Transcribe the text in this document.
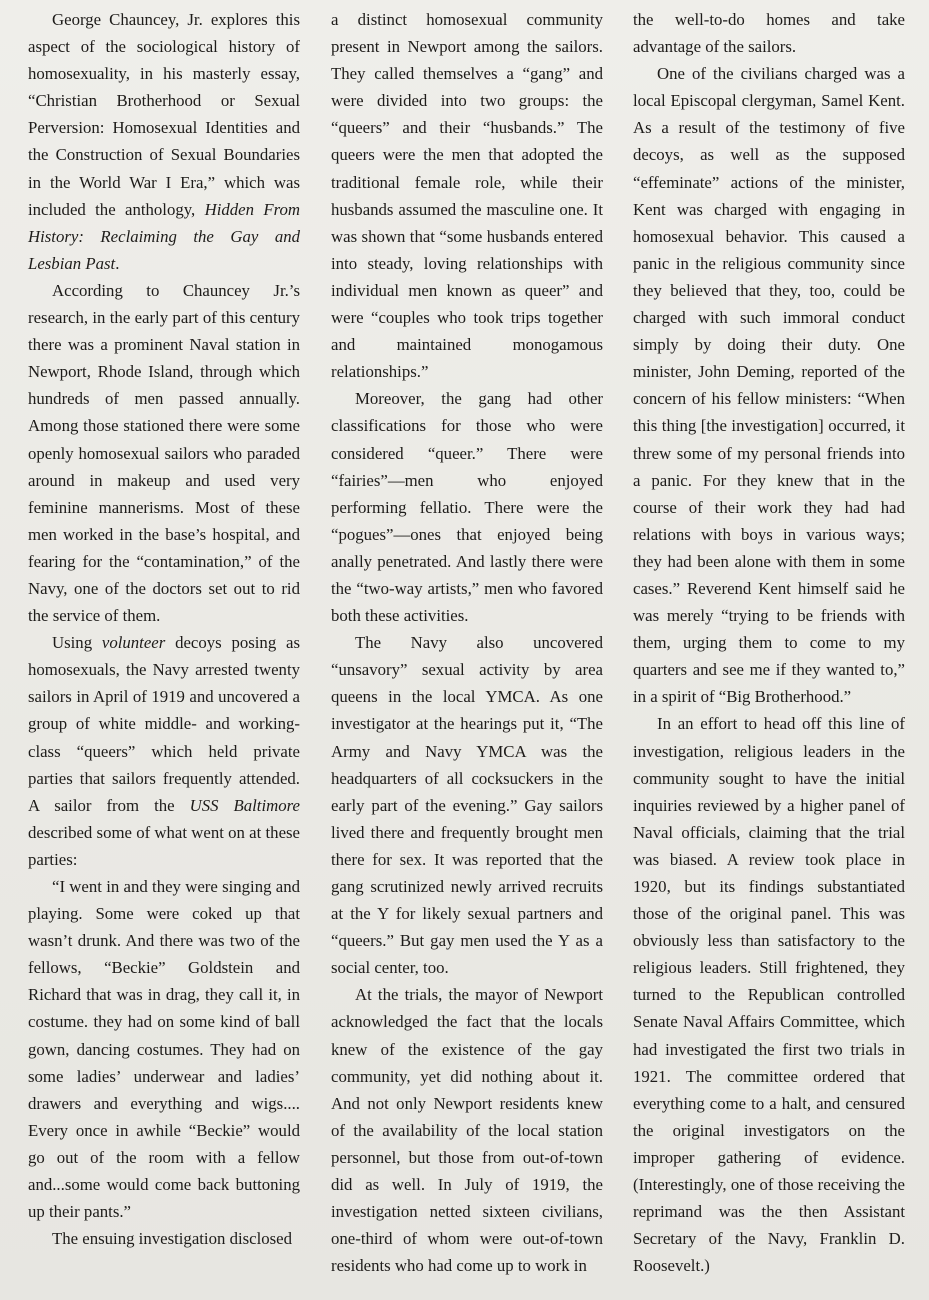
George Chauncey, Jr. explores this aspect of the sociological history of homosexuality, in his masterly essay, “Christian Brotherhood or Sexual Perversion: Homosexual Identities and the Construction of Sexual Boundaries in the World War I Era,” which was included the anthology, Hidden From History: Reclaiming the Gay and Lesbian Past.

According to Chauncey Jr.’s research, in the early part of this century there was a prominent Naval station in Newport, Rhode Island, through which hundreds of men passed annually. Among those stationed there were some openly homosexual sailors who paraded around in makeup and used very feminine mannerisms. Most of these men worked in the base’s hospital, and fearing for the “contamination,” of the Navy, one of the doctors set out to rid the service of them.

Using volunteer decoys posing as homosexuals, the Navy arrested twenty sailors in April of 1919 and uncovered a group of white middle- and working-class “queers” which held private parties that sailors frequently attended. A sailor from the USS Baltimore described some of what went on at these parties:

“I went in and they were singing and playing. Some were coked up that wasn’t drunk. And there was two of the fellows, “Beckie” Goldstein and Richard that was in drag, they call it, in costume. they had on some kind of ball gown, dancing costumes. They had on some ladies’ underwear and ladies’ drawers and everything and wigs.... Every once in awhile “Beckie” would go out of the room with a fellow and...some would come back buttoning up their pants.”

The ensuing investigation disclosed

a distinct homosexual community present in Newport among the sailors. They called themselves a “gang” and were divided into two groups: the “queers” and their “husbands.” The queers were the men that adopted the traditional female role, while their husbands assumed the masculine one. It was shown that “some husbands entered into steady, loving relationships with individual men known as queer” and were “couples who took trips together and maintained monogamous relationships.”

Moreover, the gang had other classifications for those who were considered “queer.” There were “fairies”—men who enjoyed performing fellatio. There were the “pogues”—ones that enjoyed being anally penetrated. And lastly there were the “two-way artists,” men who favored both these activities.

The Navy also uncovered “unsavory” sexual activity by area queens in the local YMCA. As one investigator at the hearings put it, “The Army and Navy YMCA was the headquarters of all cocksuckers in the early part of the evening.” Gay sailors lived there and frequently brought men there for sex. It was reported that the gang scrutinized newly arrived recruits at the Y for likely sexual partners and “queers.” But gay men used the Y as a social center, too.

At the trials, the mayor of Newport acknowledged the fact that the locals knew of the existence of the gay community, yet did nothing about it. And not only Newport residents knew of the availability of the local station personnel, but those from out-of-town did as well. In July of 1919, the investigation netted sixteen civilians, one-third of whom were out-of-town residents who had come up to work in

the well-to-do homes and take advantage of the sailors.

One of the civilians charged was a local Episcopal clergyman, Samel Kent. As a result of the testimony of five decoys, as well as the supposed “effeminate” actions of the minister, Kent was charged with engaging in homosexual behavior. This caused a panic in the religious community since they believed that they, too, could be charged with such immoral conduct simply by doing their duty. One minister, John Deming, reported of the concern of his fellow ministers: “When this thing [the investigation] occurred, it threw some of my personal friends into a panic. For they knew that in the course of their work they had had relations with boys in various ways; they had been alone with them in some cases.” Reverend Kent himself said he was merely “trying to be friends with them, urging them to come to my quarters and see me if they wanted to,” in a spirit of “Big Brotherhood.”

In an effort to head off this line of investigation, religious leaders in the community sought to have the initial inquiries reviewed by a higher panel of Naval officials, claiming that the trial was biased. A review took place in 1920, but its findings substantiated those of the original panel. This was obviously less than satisfactory to the religious leaders. Still frightened, they turned to the Republican controlled Senate Naval Affairs Committee, which had investigated the first two trials in 1921. The committee ordered that everything come to a halt, and censured the original investigators on the improper gathering of evidence. (Interestingly, one of those receiving the reprimand was the then Assistant Secretary of the Navy, Franklin D. Roosevelt.)
